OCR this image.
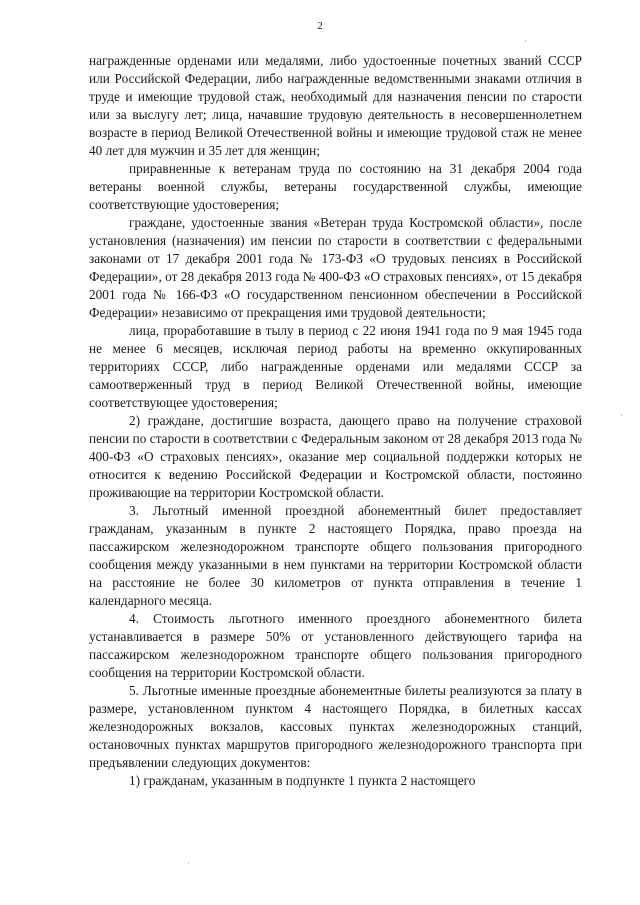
2

награжденные орденами или медалями, либо удостоенные почетных званий СССР или Российской Федерации, либо награжденные ведомственными знаками отличия в труде и имеющие трудовой стаж, необходимый для назначения пенсии по старости или за выслугу лет; лица, начавшие трудовую деятельность в несовершеннолетнем возрасте в период Великой Отечественной войны и имеющие трудовой стаж не менее 40 лет для мужчин и 35 лет для женщин;

приравненные к ветеранам труда по состоянию на 31 декабря 2004 года ветераны военной службы, ветераны государственной службы, имеющие соответствующие удостоверения;

граждане, удостоенные звания «Ветеран труда Костромской области», после установления (назначения) им пенсии по старости в соответствии с федеральными законами от 17 декабря 2001 года № 173-ФЗ «О трудовых пенсиях в Российской Федерации», от 28 декабря 2013 года № 400-ФЗ «О страховых пенсиях», от 15 декабря 2001 года № 166-ФЗ «О государственном пенсионном обеспечении в Российской Федерации» независимо от прекращения ими трудовой деятельности;

лица, проработавшие в тылу в период с 22 июня 1941 года по 9 мая 1945 года не менее 6 месяцев, исключая период работы на временно оккупированных территориях СССР, либо награжденные орденами или медалями СССР за самоотверженный труд в период Великой Отечественной войны, имеющие соответствующее удостоверения;

2) граждане, достигшие возраста, дающего право на получение страховой пенсии по старости в соответствии с Федеральным законом от 28 декабря 2013 года № 400-ФЗ «О страховых пенсиях», оказание мер социальной поддержки которых не относится к ведению Российской Федерации и Костромской области, постоянно проживающие на территории Костромской области.

3. Льготный именной проездной абонементный билет предоставляет гражданам, указанным в пункте 2 настоящего Порядка, право проезда на пассажирском железнодорожном транспорте общего пользования пригородного сообщения между указанными в нем пунктами на территории Костромской области на расстояние не более 30 километров от пункта отправления в течение 1 календарного месяца.

4. Стоимость льготного именного проездного абонементного билета устанавливается в размере 50% от установленного действующего тарифа на пассажирском железнодорожном транспорте общего пользования пригородного сообщения на территории Костромской области.

5. Льготные именные проездные абонементные билеты реализуются за плату в размере, установленном пунктом 4 настоящего Порядка, в билетных кассах железнодорожных вокзалов, кассовых пунктах железнодорожных станций, остановочных пунктах маршрутов пригородного железнодорожного транспорта при предъявлении следующих документов:

1) гражданам, указанным в подпункте 1 пункта 2 настоящего

·
·
·
